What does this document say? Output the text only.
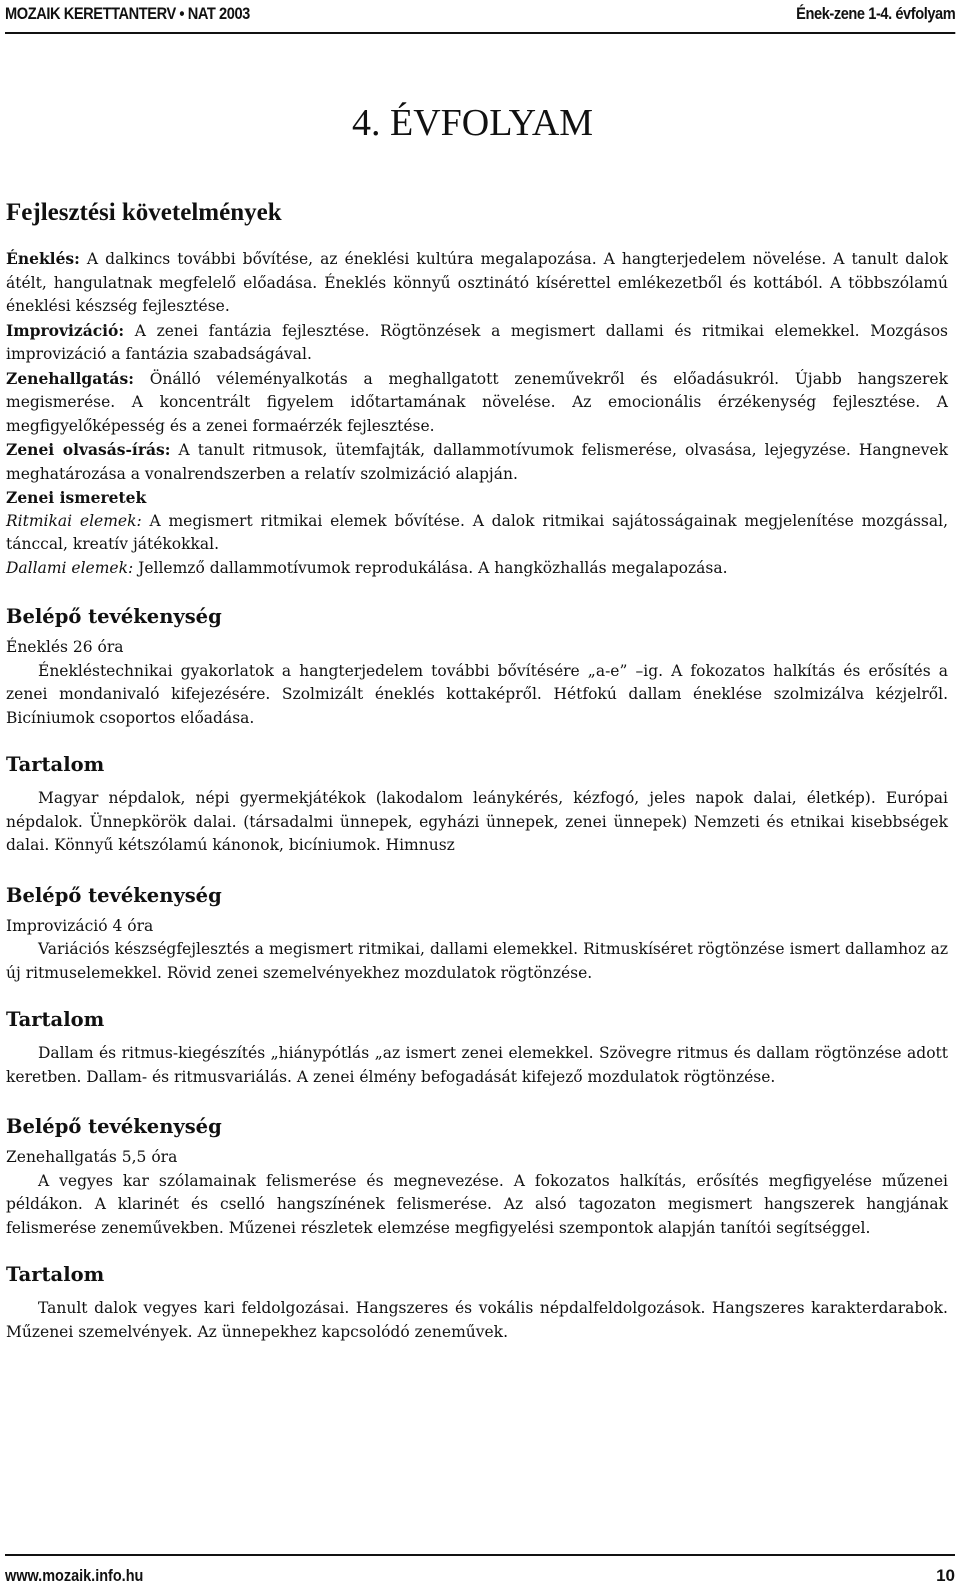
MOZAIK KERETTANTERV • NAT 2003	Ének-zene 1-4. évfolyam
4. ÉVFOLYAM
Fejlesztési követelmények

Éneklés: A dalkincs további bővítése, az éneklési kultúra megalapozása. A hangterjedelem növelése. A tanult dalok átélt, hangulatnak megfelelő előadása. Éneklés könnyű osztinátó kísérettel emlékezetből és kottából. A többszólamú éneklési készség fejlesztése.

Improvizáció: A zenei fantázia fejlesztése. Rögtönzések a megismert dallami és ritmikai elemekkel. Mozgásos improvizáció a fantázia szabadságával.

Zenehallgatás: Önálló véleményalkotás a meghallgatott zeneművekről és előadásukról. Újabb hangszerek megismerése. A koncentrált figyelem időtartamának növelése. Az emocionális érzékenység fejlesztése. A megfigyelőképesség és a zenei formaérzék fejlesztése.

Zenei olvasás-írás: A tanult ritmusok, ütemfajták, dallammotívumok felismerése, olvasása, lejegyzése. Hangnevek meghatározása a vonalrendszerben a relatív szolmizáció alapján.

Zenei ismeretek

Ritmikai elemek: A megismert ritmikai elemek bővítése. A dalok ritmikai sajátosságainak megjelenítése mozgással, tánccal, kreatív játékokkal.

Dallami elemek: Jellemző dallammotívumok reprodukálása. A hangközhallás megalapozása.

Belépő tevékenység

Éneklés 26 óra

Énekléstechnikai gyakorlatok a hangterjedelem további bővítésére „a-e” –ig. A fokozatos halkítás és erősítés a zenei mondanivaló kifejezésére. Szolmizált éneklés kottaképről. Hétfokú dallam éneklése szolmizálva kézjelről. Bicíniumok csoportos előadása.

Tartalom

Magyar népdalok, népi gyermekjátékok (lakodalom leánykérés, kézfogó, jeles napok dalai, életkép). Európai népdalok. Ünnepkörök dalai. (társadalmi ünnepek, egyházi ünnepek, zenei ünnepek) Nemzeti és etnikai kisebbségek dalai. Könnyű kétszólamú kánonok, bicíniumok. Himnusz

Belépő tevékenység

Improvizáció 4 óra

Variációs készségfejlesztés a megismert ritmikai, dallami elemekkel. Ritmuskíséret rögtönzése ismert dallamhoz az új ritmuselemekkel. Rövid zenei szemelvényekhez mozdulatok rögtönzése.

Tartalom

Dallam és ritmus-kiegészítés „hiánypótlás „az ismert zenei elemekkel. Szövegre ritmus és dallam rögtönzése adott keretben. Dallam- és ritmusvariálás. A zenei élmény befogadását kifejező mozdulatok rögtönzése.

Belépő tevékenység

Zenehallgatás 5,5 óra

A vegyes kar szólamainak felismerése és megnevezése. A fokozatos halkítás, erősítés megfigyelése műzenei példákon. A klarinét és cselló hangszínének felismerése. Az alsó tagozaton megismert hangszerek hangjának felismerése zeneművekben. Műzenei részletek elemzése megfigyelési szempontok alapján tanítói segítséggel.

Tartalom

Tanult dalok vegyes kari feldolgozásai. Hangszeres és vokális népdalfeldolgozások. Hangszeres karakterdarabok. Műzenei szemelvények. Az ünnepekhez kapcsolódó zeneművek.

www.mozaik.info.hu	10
